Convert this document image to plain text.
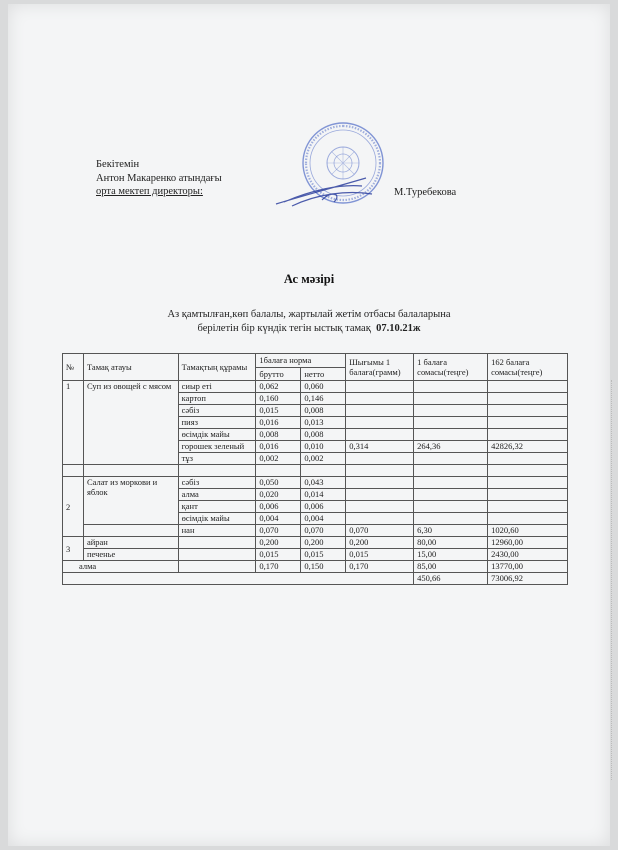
Бекітемін
Антон Макаренко атындағы
орта мектеп директоры:	М.Туребекова
Ас мәзірі
Аз қамтылған,көп балалы, жартылай жетім отбасы балаларына
берілетін бір күндік тегін ыстық тамақ 07.10.21ж
№	Тамақ атауы	Тамақтың құрамы	1балаға норма		Шығымы 1 балаға(грамм)	1 балаға сомасы(теңге)	162 балаға сомасы(теңге)
			брутто	нетто			
1	Суп из овощей с мясом	сиыр еті	0,062	0,060			
		картоп	0,160	0,146			
		сәбіз	0,015	0,008			
		пияз	0,016	0,013			
		өсімдік майы	0,008	0,008			
		горошек зеленый	0,016	0,010	0,314	264,36	42826,32
		тұз	0,002	0,002			

2	Салат из моркови и яблок	сәбіз	0,050	0,043			
		алма	0,020	0,014			
		қант	0,006	0,006			
		өсімдік майы	0,004	0,004			
		нан	0,070	0,070	0,070	6,30	1020,60
3	айран		0,200	0,200	0,200	80,00	12960,00
	печенье		0,015	0,015	0,015	15,00	2430,00
алма			0,170	0,150	0,170	85,00	13770,00
						450,66	73006,92
